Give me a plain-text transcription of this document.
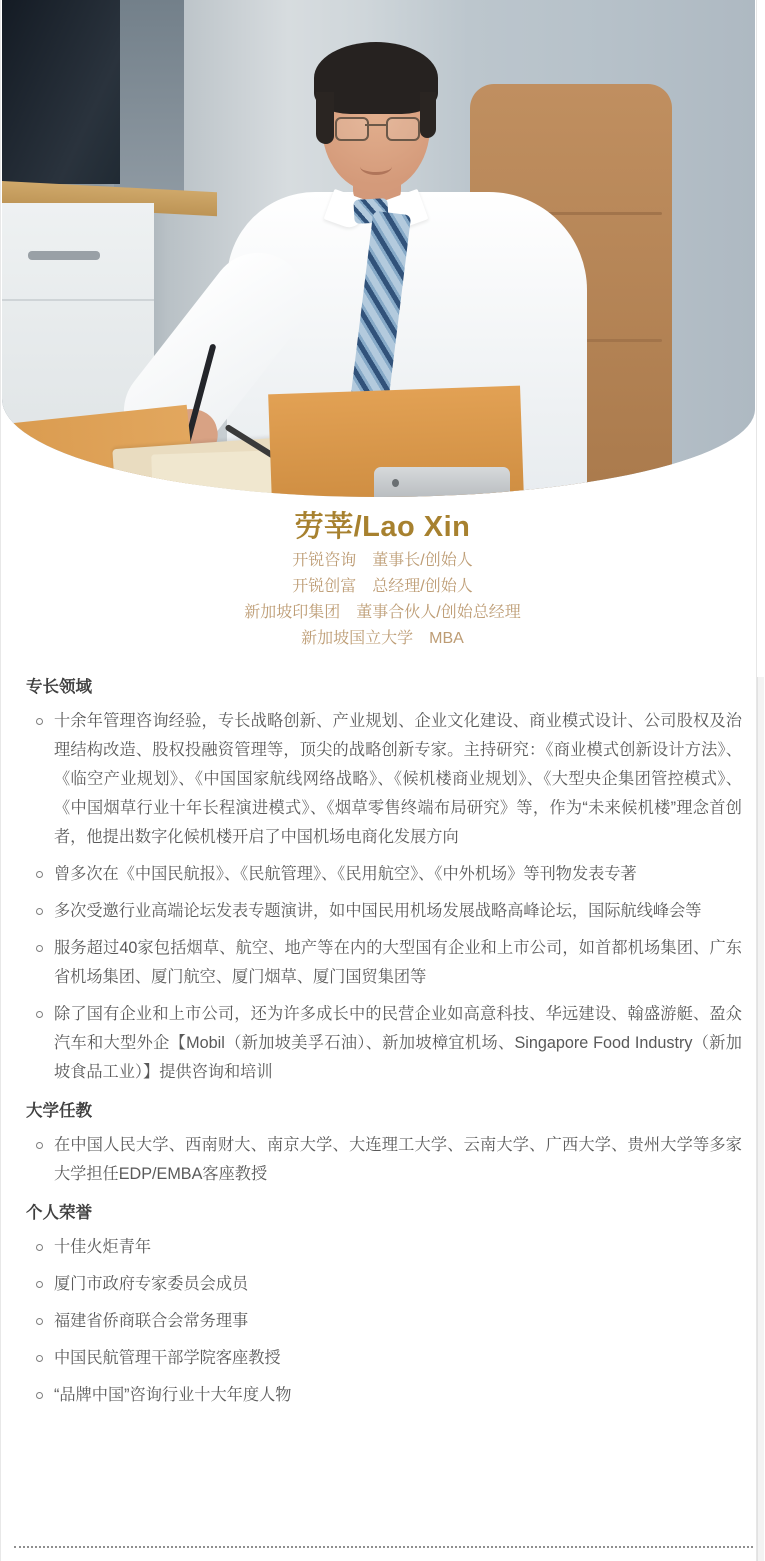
劳莘/Lao Xin
开锐咨询　董事长/创始人
开锐创富　总经理/创始人
新加坡印集团　董事合伙人/创始总经理
新加坡国立大学　MBA
专长领域

十余年管理咨询经验，专长战略创新、产业规划、企业文化建设、商业模式设计、公司股权及治理结构改造、股权投融资管理等，顶尖的战略创新专家。主持研究：《商业模式创新设计方法》、《临空产业规划》、《中国国家航线网络战略》、《候机楼商业规划》、《大型央企集团管控模式》、《中国烟草行业十年长程演进模式》、《烟草零售终端布局研究》等，作为“未来候机楼”理念首创者，他提出数字化候机楼开启了中国机场电商化发展方向

曾多次在《中国民航报》、《民航管理》、《民用航空》、《中外机场》等刊物发表专著

多次受邀行业高端论坛发表专题演讲，如中国民用机场发展战略高峰论坛，国际航线峰会等

服务超过40家包括烟草、航空、地产等在内的大型国有企业和上市公司，如首都机场集团、广东省机场集团、厦门航空、厦门烟草、厦门国贸集团等

除了国有企业和上市公司，还为许多成长中的民营企业如高意科技、华远建设、翰盛游艇、盈众汽车和大型外企【Mobil（新加坡美孚石油）、新加坡樟宜机场、Singapore Food Industry（新加坡食品工业）】提供咨询和培训

大学任教

在中国人民大学、西南财大、南京大学、大连理工大学、云南大学、广西大学、贵州大学等多家大学担任EDP/EMBA客座教授

个人荣誉

十佳火炬青年

厦门市政府专家委员会成员

福建省侨商联合会常务理事

中国民航管理干部学院客座教授

“品牌中国”咨询行业十大年度人物
